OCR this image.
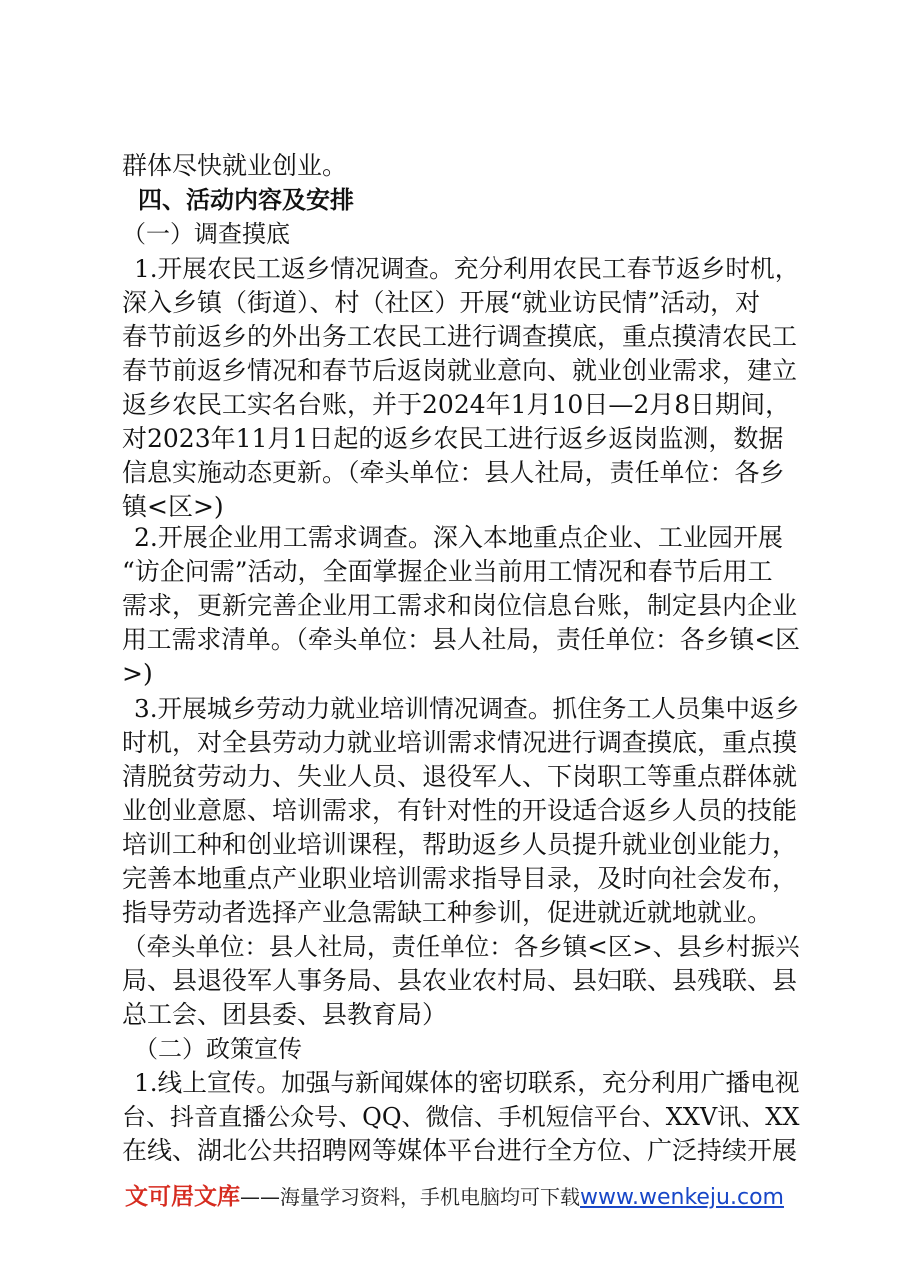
群体尽快就业创业。
四、活动内容及安排
（一）调查摸底
1.开展农民工返乡情况调查。充分利用农民工春节返乡时机，
深入乡镇（街道）、村（社区）开展“就业访民情”活动，对
春节前返乡的外出务工农民工进行调查摸底，重点摸清农民工
春节前返乡情况和春节后返岗就业意向、就业创业需求，建立
返乡农民工实名台账，并于2024年1月10日—2月8日期间，
对2023年11月1日起的返乡农民工进行返乡返岗监测，数据
信息实施动态更新。（牵头单位：县人社局，责任单位：各乡
镇<区>)
2.开展企业用工需求调查。深入本地重点企业、工业园开展
“访企问需”活动，全面掌握企业当前用工情况和春节后用工
需求，更新完善企业用工需求和岗位信息台账，制定县内企业
用工需求清单。（牵头单位：县人社局，责任单位：各乡镇<区
>)
3.开展城乡劳动力就业培训情况调查。抓住务工人员集中返乡
时机，对全县劳动力就业培训需求情况进行调查摸底，重点摸
清脱贫劳动力、失业人员、退役军人、下岗职工等重点群体就
业创业意愿、培训需求，有针对性的开设适合返乡人员的技能
培训工种和创业培训课程，帮助返乡人员提升就业创业能力，
完善本地重点产业职业培训需求指导目录，及时向社会发布，
指导劳动者选择产业急需缺工种参训，促进就近就地就业。
（牵头单位：县人社局，责任单位：各乡镇<区>、县乡村振兴
局、县退役军人事务局、县农业农村局、县妇联、县残联、县
总工会、团县委、县教育局）
（二）政策宣传
1.线上宣传。加强与新闻媒体的密切联系，充分利用广播电视
台、抖音直播公众号、QQ、微信、手机短信平台、XXV讯、XX
在线、湖北公共招聘网等媒体平台进行全方位、广泛持续开展
文可居文库——海量学习资料，手机电脑均可下载www.wenkeju.com
